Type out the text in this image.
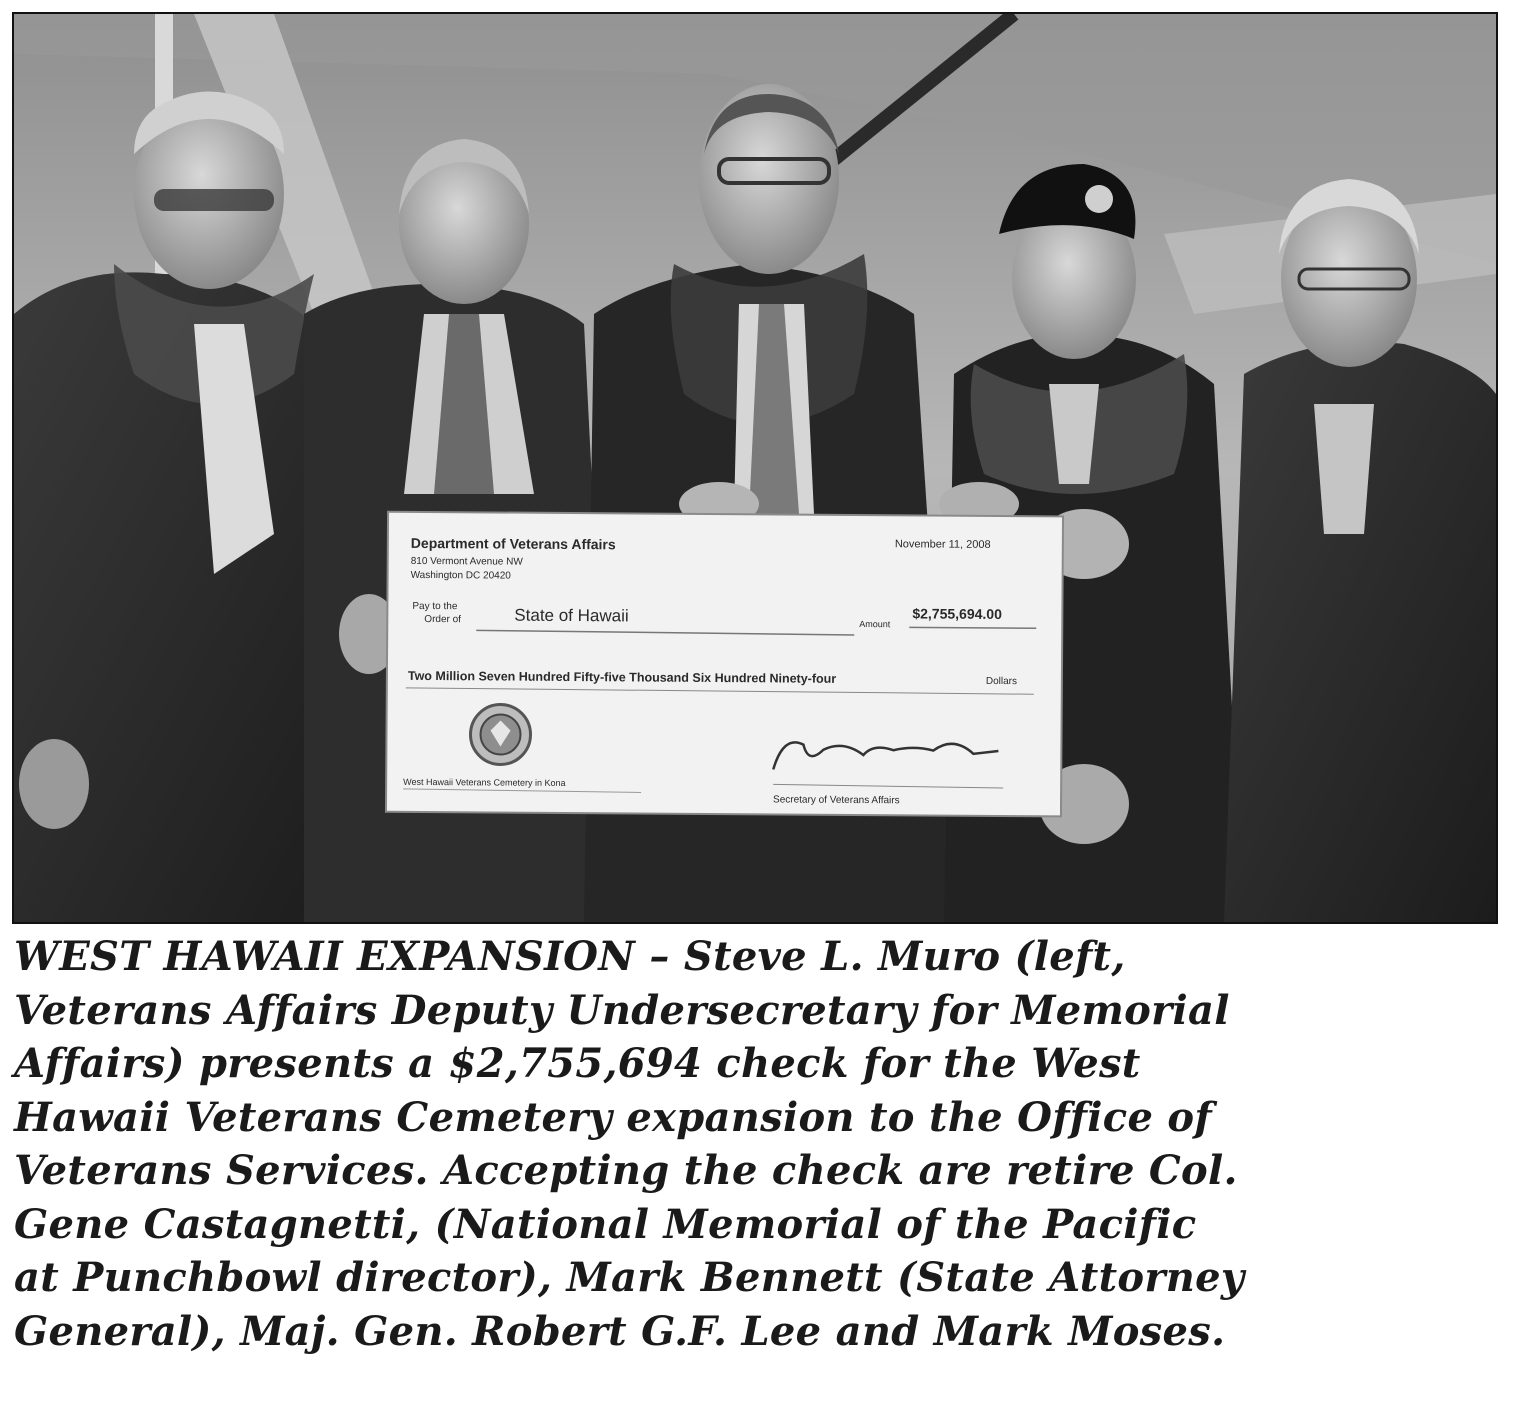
Department of Veterans Affairs
810 Vermont Avenue NW
Washington DC 20420
November 11, 2008
Pay to the
Order of	State of Hawaii	Amount
$2,755,694.00
Two Million Seven Hundred Fifty-five Thousand Six Hundred Ninety-four	Dollars
West Hawaii Veterans Cemetery in Kona
Secretary of Veterans Affairs

WEST HAWAII EXPANSION – Steve L. Muro (left,
Veterans Affairs Deputy Undersecretary for Memorial
Affairs) presents a $2,755,694 check for the West
Hawaii Veterans Cemetery expansion to the Office of
Veterans Services. Accepting the check are retire Col.
Gene Castagnetti, (National Memorial of the Pacific
at Punchbowl director), Mark Bennett (State Attorney
General), Maj. Gen. Robert G.F. Lee and Mark Moses.
